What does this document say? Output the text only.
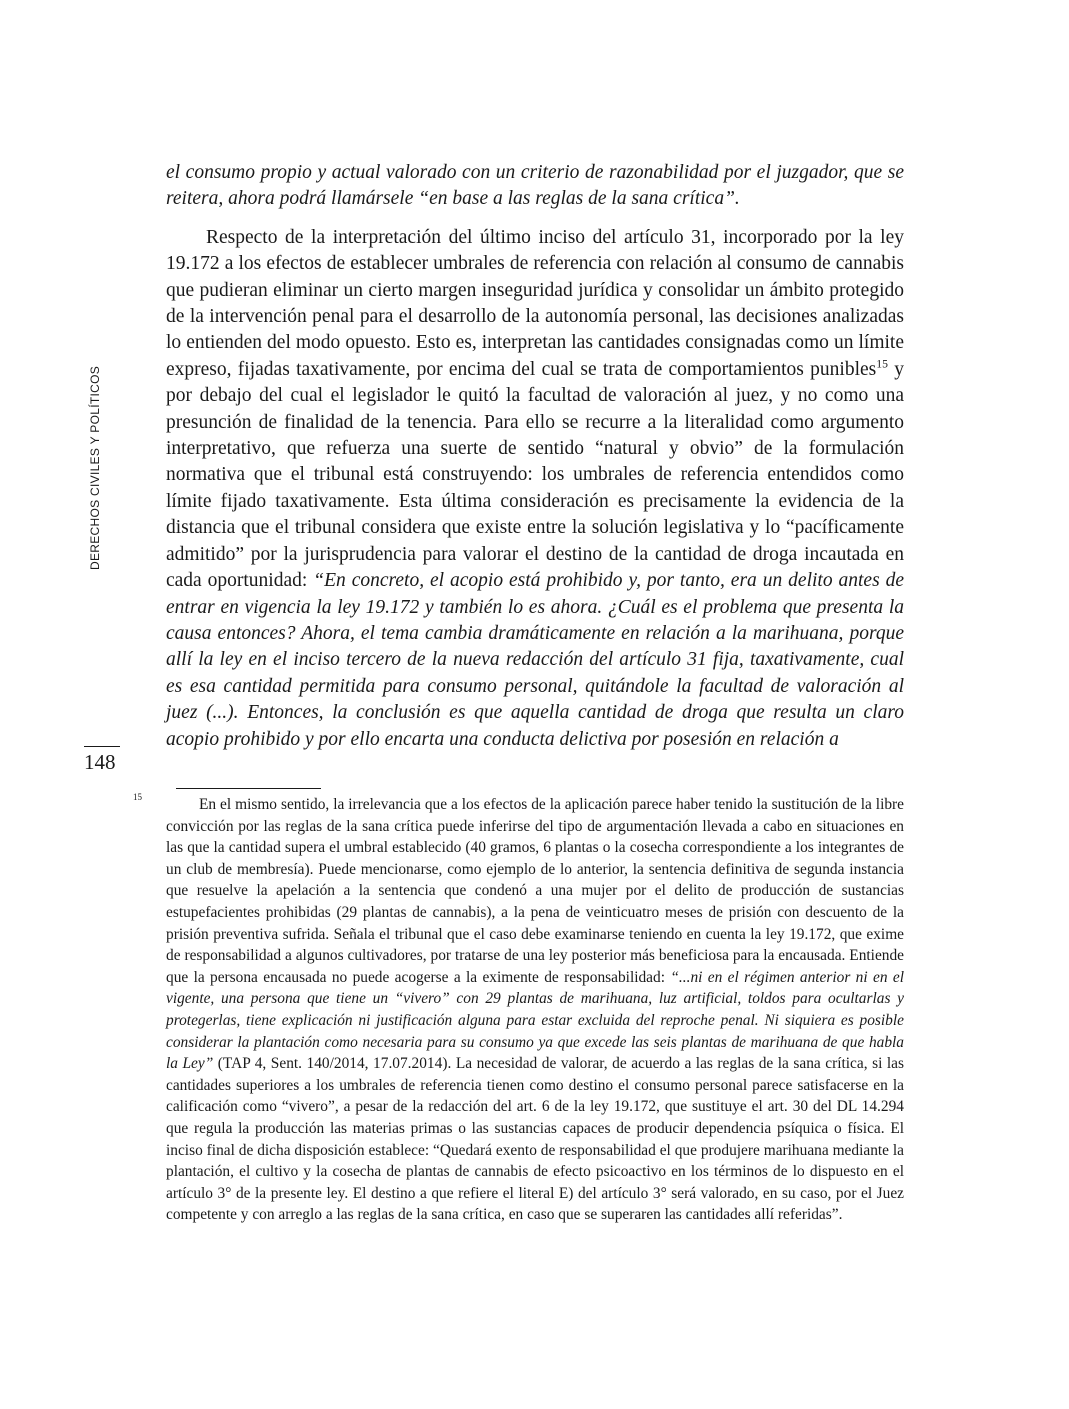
DERECHOS CIVILES Y POLÍTICOS
148

el consumo propio y actual valorado con un criterio de razonabilidad por el juzgador, que se reitera, ahora podrá llamársele “en base a las reglas de la sana crítica”.

Respecto de la interpretación del último inciso del artículo 31, incorporado por la ley 19.172 a los efectos de establecer umbrales de referencia con relación al consumo de cannabis que pudieran eliminar un cierto margen inseguridad jurídica y consolidar un ámbito protegido de la intervención penal para el desarrollo de la autonomía personal, las decisiones analizadas lo entienden del modo opuesto. Esto es, interpretan las cantidades consignadas como un límite expreso, fijadas taxativamente, por encima del cual se trata de comportamientos punibles$^{15}$ y por debajo del cual el legislador le quitó la facultad de valoración al juez, y no como una presunción de finalidad de la tenencia. Para ello se recurre a la literalidad como argumento interpretativo, que refuerza una suerte de sentido “natural y obvio” de la formulación normativa que el tribunal está construyendo: los umbrales de referencia entendidos como límite fijado taxativamente. Esta última consideración es precisamente la evidencia de la distancia que el tribunal considera que existe entre la solución legislativa y lo “pacíficamente admitido” por la jurisprudencia para valorar el destino de la cantidad de droga incautada en cada oportunidad: “En concreto, el acopio está prohibido y, por tanto, era un delito antes de entrar en vigencia la ley 19.172 y también lo es ahora. ¿Cuál es el problema que presenta la causa entonces? Ahora, el tema cambia dramáticamente en relación a la marihuana, porque allí la ley en el inciso tercero de la nueva redacción del artículo 31 fija, taxativamente, cual es esa cantidad permitida para consumo personal, quitándole la facultad de valoración al juez (...). Entonces, la conclusión es que aquella cantidad de droga que resulta un claro acopio prohibido y por ello encarta una conducta delictiva por posesión en relación a

15	En el mismo sentido, la irrelevancia que a los efectos de la aplicación parece haber tenido la sustitución de la libre convicción por las reglas de la sana crítica puede inferirse del tipo de argumentación llevada a cabo en situaciones en las que la cantidad supera el umbral establecido (40 gramos, 6 plantas o la cosecha correspondiente a los integrantes de un club de membresía). Puede mencionarse, como ejemplo de lo anterior, la sentencia definitiva de segunda instancia que resuelve la apelación a la sentencia que condenó a una mujer por el delito de producción de sustancias estupefacientes prohibidas (29 plantas de cannabis), a la pena de veinticuatro meses de prisión con descuento de la prisión preventiva sufrida. Señala el tribunal que el caso debe examinarse teniendo en cuenta la ley 19.172, que exime de responsabilidad a algunos cultivadores, por tratarse de una ley posterior más beneficiosa para la encausada. Entiende que la persona encausada no puede acogerse a la eximente de responsabilidad: “...ni en el régimen anterior ni en el vigente, una persona que tiene un “vivero” con 29 plantas de marihuana, luz artificial, toldos para ocultarlas y protegerlas, tiene explicación ni justificación alguna para estar excluida del reproche penal. Ni siquiera es posible considerar la plantación como necesaria para su consumo ya que excede las seis plantas de marihuana de que habla la Ley” (TAP 4, Sent. 140/2014, 17.07.2014). La necesidad de valorar, de acuerdo a las reglas de la sana crítica, si las cantidades superiores a los umbrales de referencia tienen como destino el consumo personal parece satisfacerse en la calificación como “vivero”, a pesar de la redacción del art. 6 de la ley 19.172, que sustituye el art. 30 del DL 14.294 que regula la producción las materias primas o las sustancias capaces de producir dependencia psíquica o física. El inciso final de dicha disposición establece: “Quedará exento de responsabilidad el que produjere marihuana mediante la plantación, el cultivo y la cosecha de plantas de cannabis de efecto psicoactivo en los términos de lo dispuesto en el artículo 3° de la presente ley. El destino a que refiere el literal E) del artículo 3° será valorado, en su caso, por el Juez competente y con arreglo a las reglas de la sana crítica, en caso que se superaren las cantidades allí referidas”.
